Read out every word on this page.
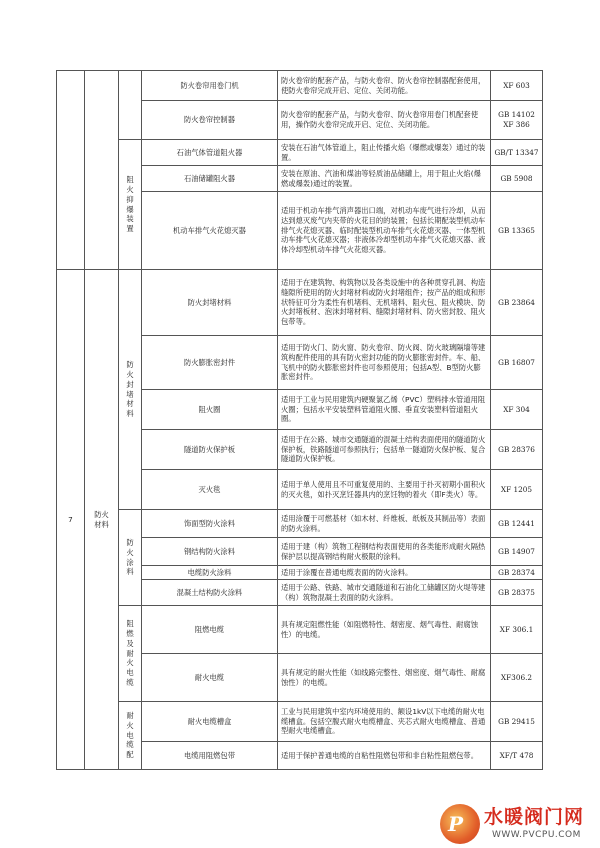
			防火卷帘用卷门机	防火卷帘的配套产品，与防火卷帘、防火卷帘控制器配套使用，使防火卷帘完成开启、定位、关闭功能。	XF 603
			防火卷帘控制器	防火卷帘的配套产品，与防火卷帘、防火卷帘用卷门机配套使用，操作防火卷帘完成开启、定位、关闭功能。	GB 14102 XF 386
		阻火抑爆装置	石油气体管道阻火器	安装在石油气体管道上，阻止传播火焰（爆燃或爆轰）通过的装置。	GB/T 13347
			石油储罐阻火器	安装在原油、汽油和煤油等轻质油品储罐上，用于阻止火焰(爆燃或爆轰)通过的装置。	GB 5908
			机动车排气火花熄灭器	适用于机动车排气消声器出口端，对机动车废气进行冷却，从而达到熄灭废气内夹带的火花目的的装置；包括长期配装型机动车排气火花熄灭器、临时配装型机动车排气火花熄灭器、一体型机动车排气火花熄灭器；非液体冷却型机动车排气火花熄灭器、液体冷却型机动车排气火花熄灭器。	GB 13365
7	防火材料	防火封堵材料	防火封堵材料	适用于在建筑物、构筑物以及各类设施中的各种贯穿孔洞、构造缝隙所使用的防火封堵材料或防火封堵组件；按产品的组成和形状特征可分为柔性有机堵料、无机堵料、阻火包、阻火模块、防火封堵板材、泡沫封堵材料、缝隙封堵材料、防火密封胶、阻火包带等。	GB 23864
			防火膨胀密封件	适用于防火门、防火窗、防火卷帘、防火阀、防火玻璃隔墙等建筑构配件使用的具有防火密封功能的防火膨胀密封件。车、船、飞机中的防火膨胀密封件也可参照使用；包括A型、B型防火膨胀密封件。	GB 16807
			阻火圈	适用于工业与民用建筑内硬聚氯乙烯（PVC）塑料排水管道用阻火圈；包括水平安装塑料管道阻火圈、垂直安装塑料管道阻火圈。	XF 304
			隧道防火保护板	适用于在公路、城市交通隧道的混凝土结构表面使用的隧道防火保护板，铁路隧道可参照执行；包括单一隧道防火保护板、复合隧道防火保护板。	GB 28376
			灭火毯	适用于单人使用且不可重复使用的、主要用于扑灭初期小面积火的灭火毯，如扑灭烹饪器具内的烹饪物的着火（即F类火）等。	XF 1205
		防火涂料	饰面型防火涂料	适用涂覆于可燃基材（如木材、纤维板、纸板及其制品等）表面的防火涂料。	GB 12441
			钢结构防火涂料	适用于建（构）筑物工程钢结构表面使用的各类能形成耐火隔热保护层以提高钢结构耐火极限的涂料。	GB 14907
			电缆防火涂料	适用于涂覆在普通电缆表面的防火涂料。	GB 28374
			混凝土结构防火涂料	适用于公路、铁路、城市交通隧道和石油化工储罐区防火堤等建（构）筑物混凝土表面的防火涂料。	GB 28375
		阻燃及耐火电缆	阻燃电缆	具有规定阻燃性能（如阻燃特性、烟密度、烟气毒性、耐腐蚀性）的电缆。	XF 306.1
			耐火电缆	具有规定的耐火性能（如线路完整性、烟密度、烟气毒性、耐腐蚀性）的电缆。	XF306.2
		耐火电缆配	耐火电缆槽盒	工业与民用建筑中室内环境使用的、额设1kV以下电缆的耐火电缆槽盒。包括空腹式耐火电缆槽盒、夹芯式耐火电缆槽盒、普通型耐火电缆槽盒。	GB 29415
			电缆用阻燃包带	适用于保护普通电缆的自粘性阻燃包带和非自粘性阻燃包带。	XF/T 478
P 水暖阀门网
WWW.PVCPU.COM
